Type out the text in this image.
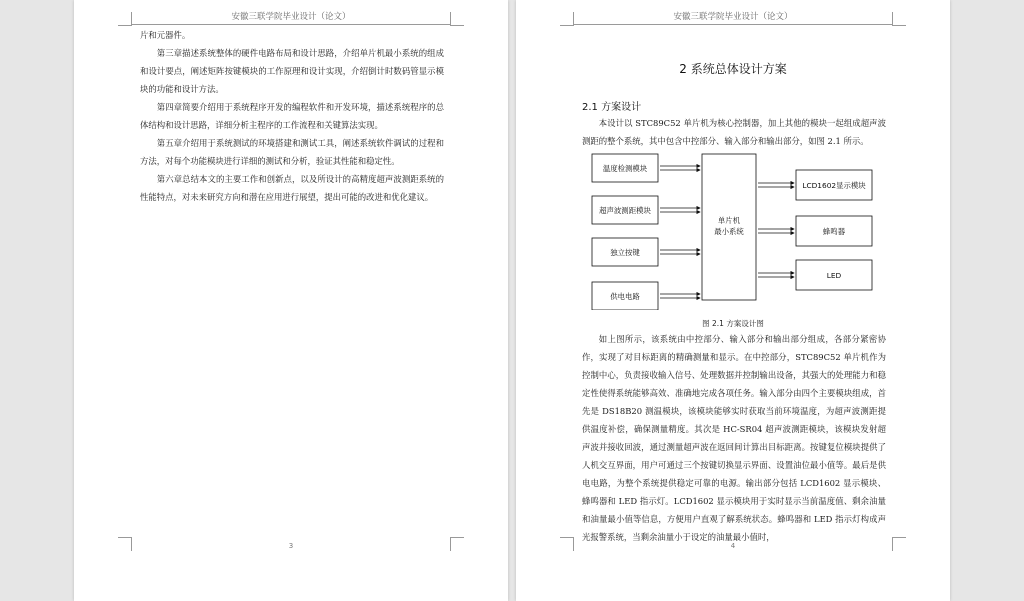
安徽三联学院毕业设计（论文）

片和元器件。

第三章描述系统整体的硬件电路布局和设计思路，介绍单片机最小系统的组成和设计要点，阐述矩阵按键模块的工作原理和设计实现，介绍倒计时数码管显示模块的功能和设计方法。

第四章简要介绍用于系统程序开发的编程软件和开发环境，描述系统程序的总体结构和设计思路，详细分析主程序的工作流程和关键算法实现。

第五章介绍用于系统测试的环境搭建和测试工具，阐述系统软件调试的过程和方法，对每个功能模块进行详细的测试和分析，验证其性能和稳定性。

第六章总结本文的主要工作和创新点，以及所设计的高精度超声波测距系统的性能特点，对未来研究方向和潜在应用进行展望，提出可能的改进和优化建议。

3
安徽三联学院毕业设计（论文）
2 系统总体设计方案
2.1 方案设计

本设计以 STC89C52 单片机为核心控制器，加上其他的模块一起组成超声波测距的整个系统，其中包含中控部分、输入部分和输出部分，如图 2.1 所示。

温度检测模块
超声波测距模块
独立按键
供电电路
单片机
最小系统
LCD1602显示模块
蜂鸣器
LED
图 2.1 方案设计图

如上图所示，该系统由中控部分、输入部分和输出部分组成，各部分紧密协作，实现了对目标距离的精确测量和显示。在中控部分，STC89C52 单片机作为控制中心，负责接收输入信号、处理数据并控制输出设备，其强大的处理能力和稳定性使得系统能够高效、准确地完成各项任务。输入部分由四个主要模块组成，首先是 DS18B20 测温模块，该模块能够实时获取当前环境温度，为超声波测距提供温度补偿，确保测量精度。其次是 HC-SR04 超声波测距模块，该模块发射超声波并接收回波，通过测量超声波在返回间计算出目标距离。按键复位模块提供了人机交互界面，用户可通过三个按键切换显示界面、设置油位最小值等。最后是供电电路，为整个系统提供稳定可靠的电源。输出部分包括 LCD1602 显示模块、蜂鸣器和 LED 指示灯。LCD1602 显示模块用于实时显示当前温度值、剩余油量和油量最小值等信息，方便用户直观了解系统状态。蜂鸣器和 LED 指示灯构成声光报警系统，当剩余油量小于设定的油量最小值时，

4
